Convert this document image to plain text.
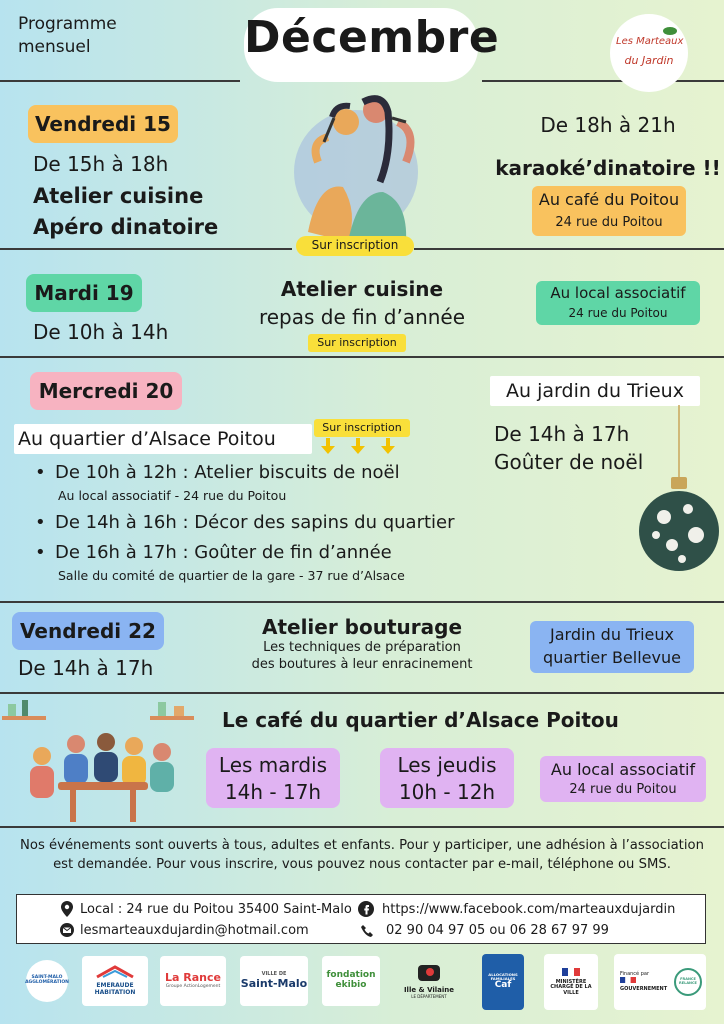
Programme
mensuel	Décembre	Les Marteaux
du Jardin
Vendredi 15
De 15h à 18h
Atelier cuisine
Apéro dinatoire
Sur inscription
De 18h à 21h
karaoké’dinatoire !!
Au café du Poitou
24 rue du Poitou
Mardi 19
De 10h à 14h
Atelier cuisine
repas de fin d’année
Sur inscription
Au local associatif
24 rue du Poitou
Mercredi 20
Au quartier d’Alsace Poitou
Sur inscription
• De 10h à 12h : Atelier biscuits de noël
Au local associatif - 24 rue du Poitou
• De 14h à 16h : Décor des sapins du quartier
• De 16h à 17h : Goûter de fin d’année
Salle du comité de quartier de la gare - 37 rue d’Alsace
Au jardin du Trieux
De 14h à 17h
Goûter de noël
Vendredi 22
De 14h à 17h
Atelier bouturage
Les techniques de préparation
des boutures à leur enracinement
Jardin du Trieux
quartier Bellevue
Le café du quartier d’Alsace Poitou
Les mardis
14h - 17h
Les jeudis
10h - 12h
Au local associatif
24 rue du Poitou
Nos événements sont ouverts à tous, adultes et enfants. Pour y participer, une adhésion à l’association
est demandée. Pour vous inscrire, vous pouvez nous contacter par e-mail, téléphone ou SMS.
Local : 24 rue du Poitou 35400 Saint-Malo
lesmarteauxdujardin@hotmail.com
https://www.facebook.com/marteauxdujardin
02 90 04 97 05 ou 06 28 67 97 99
SAINT-MALO AGGLOMÉRATION	EMERAUDE HABITATION
La Rance
Groupe ActionLogement
VILLE DE
Saint-Malo
fondation ekibio	Ille & Vilaine
LE DÉPARTEMENT
ALLOCATIONS FAMILIALES
Caf	MINISTÈRE CHARGÉ DE LA VILLE
Financé par
GOUVERNEMENT
FRANCE RELANCE
